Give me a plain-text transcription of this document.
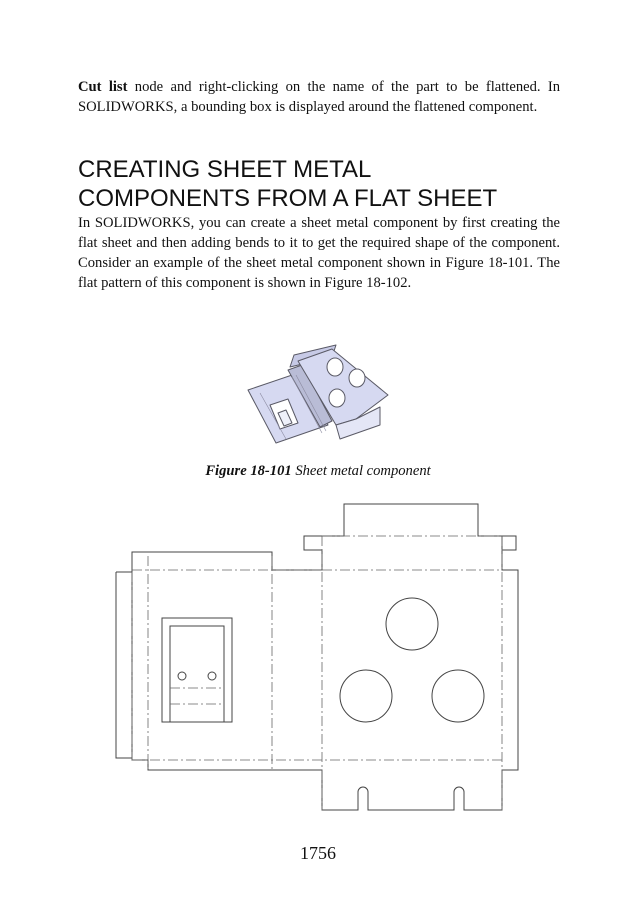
Cut list node and right-clicking on the name of the part to be flattened. In SOLIDWORKS, a bounding box is displayed around the flattened component.

CREATING SHEET METAL
COMPONENTS FROM A FLAT SHEET

In SOLIDWORKS, you can create a sheet metal component by first creating the flat sheet and then adding bends to it to get the required shape of the component. Consider an example of the sheet metal component shown in Figure 18-101. The flat pattern of this component is shown in Figure 18-102.

Figure 18-101 Sheet metal component
1756
